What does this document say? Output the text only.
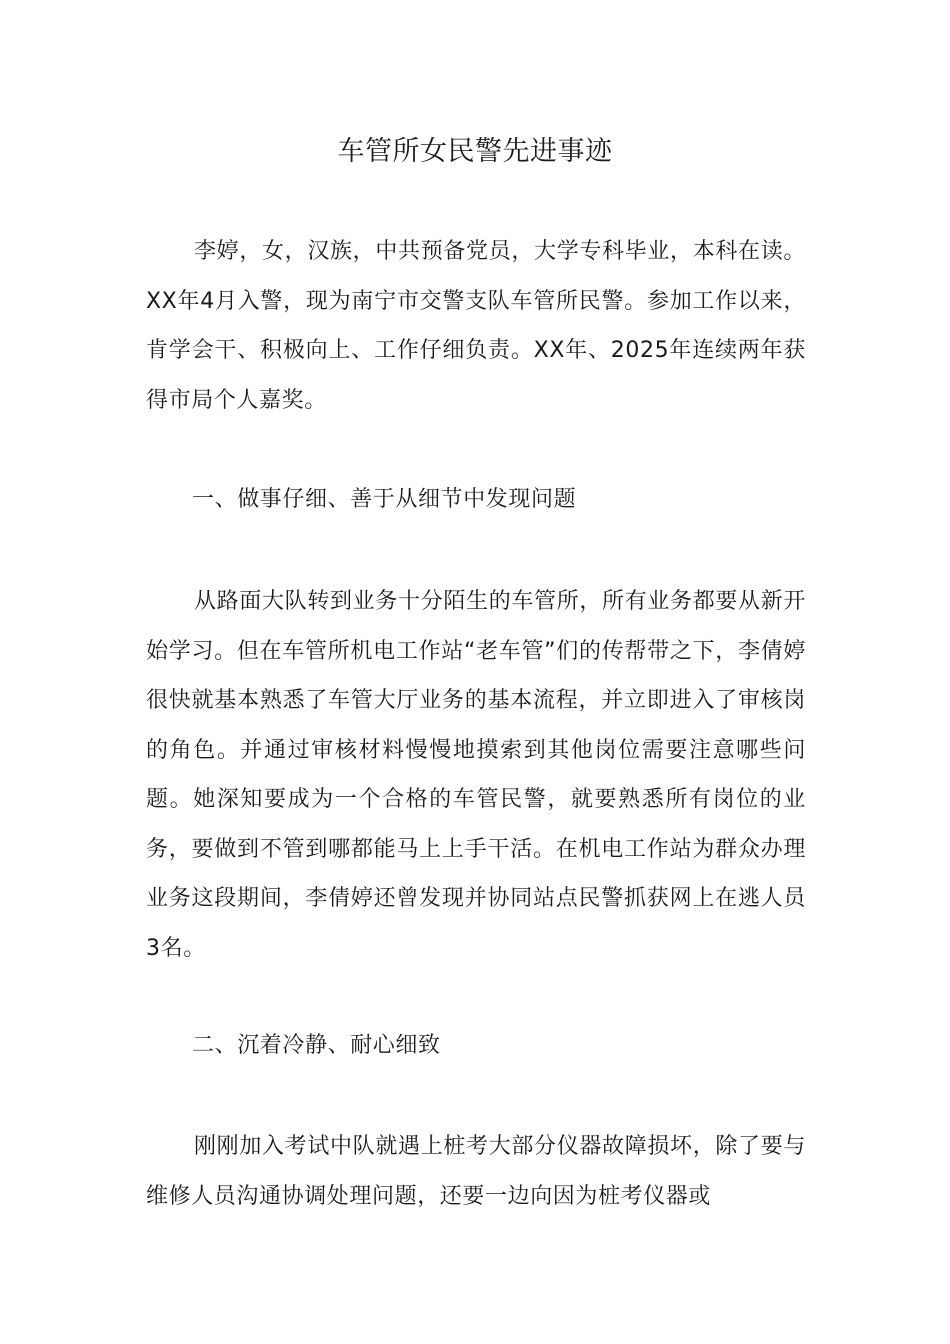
车管所女民警先进事迹

李婷，女，汉族，中共预备党员，大学专科毕业，本科在读。XX年4月入警，现为南宁市交警支队车管所民警。参加工作以来，肯学会干、积极向上、工作仔细负责。XX年、2025年连续两年获得市局个人嘉奖。

一、做事仔细、善于从细节中发现问题

从路面大队转到业务十分陌生的车管所，所有业务都要从新开始学习。但在车管所机电工作站“老车管”们的传帮带之下，李倩婷很快就基本熟悉了车管大厅业务的基本流程，并立即进入了审核岗的角色。并通过审核材料慢慢地摸索到其他岗位需要注意哪些问题。她深知要成为一个合格的车管民警，就要熟悉所有岗位的业务，要做到不管到哪都能马上上手干活。在机电工作站为群众办理业务这段期间，李倩婷还曾发现并协同站点民警抓获网上在逃人员3名。

二、沉着冷静、耐心细致

刚刚加入考试中队就遇上桩考大部分仪器故障损坏，除了要与维修人员沟通协调处理问题，还要一边向因为桩考仪器或
